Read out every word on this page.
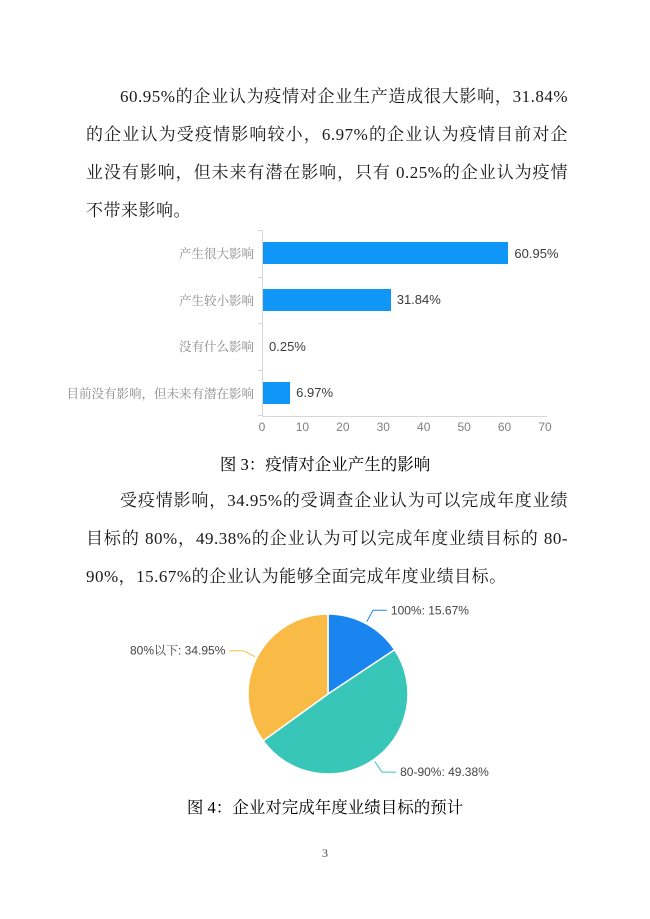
60.95%的企业认为疫情对企业生产造成很大影响，31.84%的企业认为受疫情影响较小，6.97%的企业认为疫情目前对企业没有影响，但未来有潜在影响，只有 0.25%的企业认为疫情不带来影响。

产生很大影响	60.95%
产生较小影响	31.84%
没有什么影响	0.25%
目前没有影响，但未来有潜在影响	6.97%
0	10	20	30	40	50	60	70
图 3：疫情对企业产生的影响

受疫情影响，34.95%的受调查企业认为可以完成年度业绩目标的 80%，49.38%的企业认为可以完成年度业绩目标的 80-90%，15.67%的企业认为能够全面完成年度业绩目标。

100%: 15.67%
80-90%: 49.38%
80%以下: 34.95%
图 4：企业对完成年度业绩目标的预计
3
